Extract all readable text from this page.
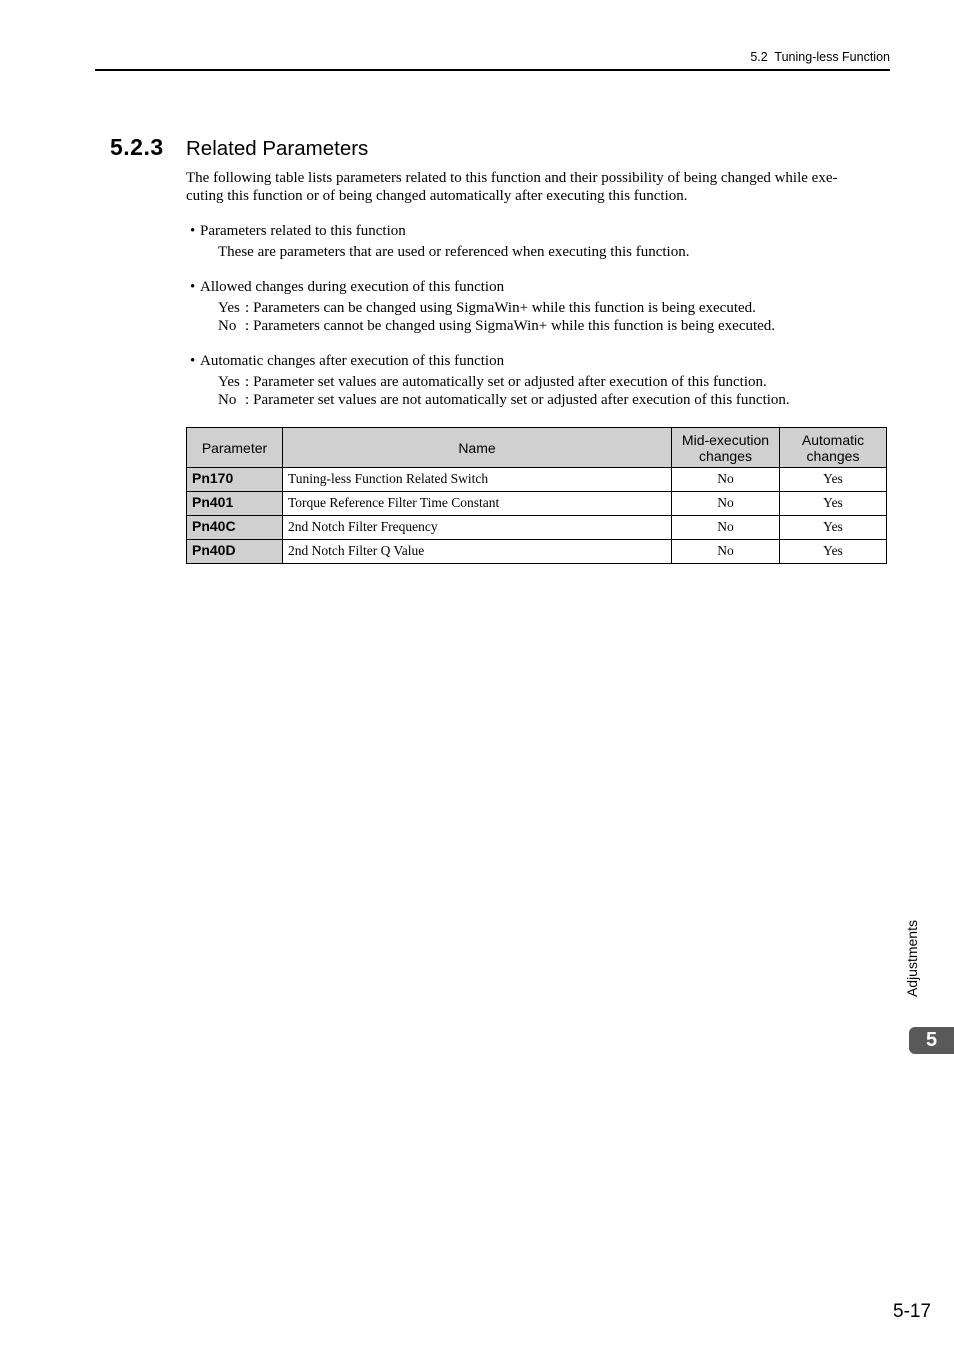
5.2  Tuning-less Function
5.2.3	Related Parameters
The following table lists parameters related to this function and their possibility of being changed while exe-
cuting this function or of being changed automatically after executing this function.
• Parameters related to this function
These are parameters that are used or referenced when executing this function.
• Allowed changes during execution of this function
Yes : Parameters can be changed using SigmaWin+ while this function is being executed.
No : Parameters cannot be changed using SigmaWin+ while this function is being executed.
• Automatic changes after execution of this function
Yes : Parameter set values are automatically set or adjusted after execution of this function.
No : Parameter set values are not automatically set or adjusted after execution of this function.
Parameter	Name	Mid-execution changes	Automatic changes
Pn170	Tuning-less Function Related Switch	No	Yes
Pn401	Torque Reference Filter Time Constant	No	Yes
Pn40C	2nd Notch Filter Frequency	No	Yes
Pn40D	2nd Notch Filter Q Value	No	Yes
Adjustments
5
5-17
